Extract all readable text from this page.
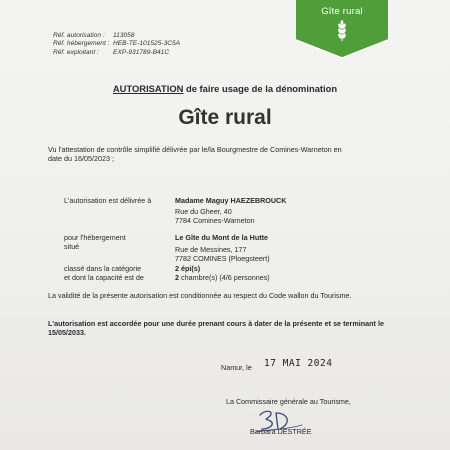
Réf. autorisation :	113058
Réf. hébergement : HEB-TE-101525-3C5A
Réf. exploitant :	EXP-93178​9-B41C
Gîte rural
AUTORISATION de faire usage de la dénomination
Gîte rural
Vu l'attestation de contrôle simplifié délivrée par le/la Bourgmestre de Comines-Warneton en
date du 16/05/2023 ;
L'autorisation est délivrée à	Madame Maguy HAEZEBROUCK
Rue du Gheer, 40
7784 Comines-Warneton
pour l'hébergement	Le Gîte du Mont de la Hutte
situé	Rue de Messines, 177
7782 COMINES (Ploegsteert)
classé dans la catégorie	2 épi(s)
et dont la capacité est de	2 chambre(s) (4/6 personnes)
La validité de la présente autorisation est conditionnée au respect du Code wallon du Tourisme.
L'autorisation est accordée pour une durée prenant cours à dater de la présente et se terminant le 15/05/2033.
Namur, le 17 MAI 2024
La Commissaire générale au Tourisme,
Barbara DESTRÉE
